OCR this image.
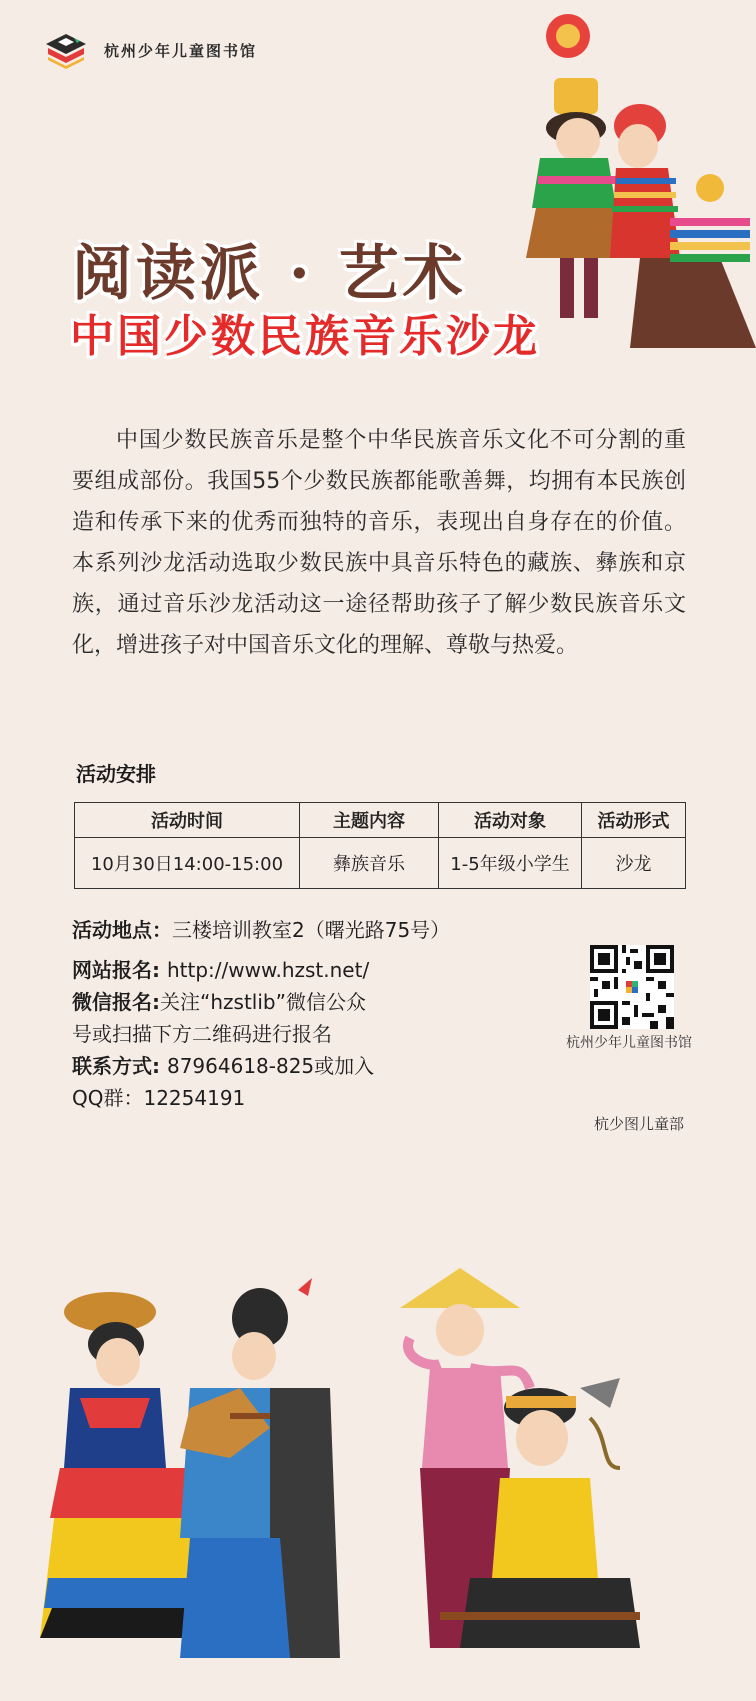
杭州少年儿童图书馆
阅读派 · 艺术
中国少数民族音乐沙龙
中国少数民族音乐是整个中华民族音乐文化不可分割的重要组成部份。我国55个少数民族都能歌善舞，均拥有本民族创造和传承下来的优秀而独特的音乐，表现出自身存在的价值。本系列沙龙活动选取少数民族中具音乐特色的藏族、彝族和京族，通过音乐沙龙活动这一途径帮助孩子了解少数民族音乐文化，增进孩子对中国音乐文化的理解、尊敬与热爱。
活动安排
活动时间	主题内容	活动对象	活动形式
10月30日14:00-15:00	彝族音乐	1-5年级小学生	沙龙
活动地点：三楼培训教室2（曙光路75号）
网站报名: http://www.hzst.net/
微信报名:关注“hzstlib”微信公众
号或扫描下方二维码进行报名
联系方式: 87964618-825或加入
QQ群：12254191
杭州少年儿童图书馆
杭少图儿童部
